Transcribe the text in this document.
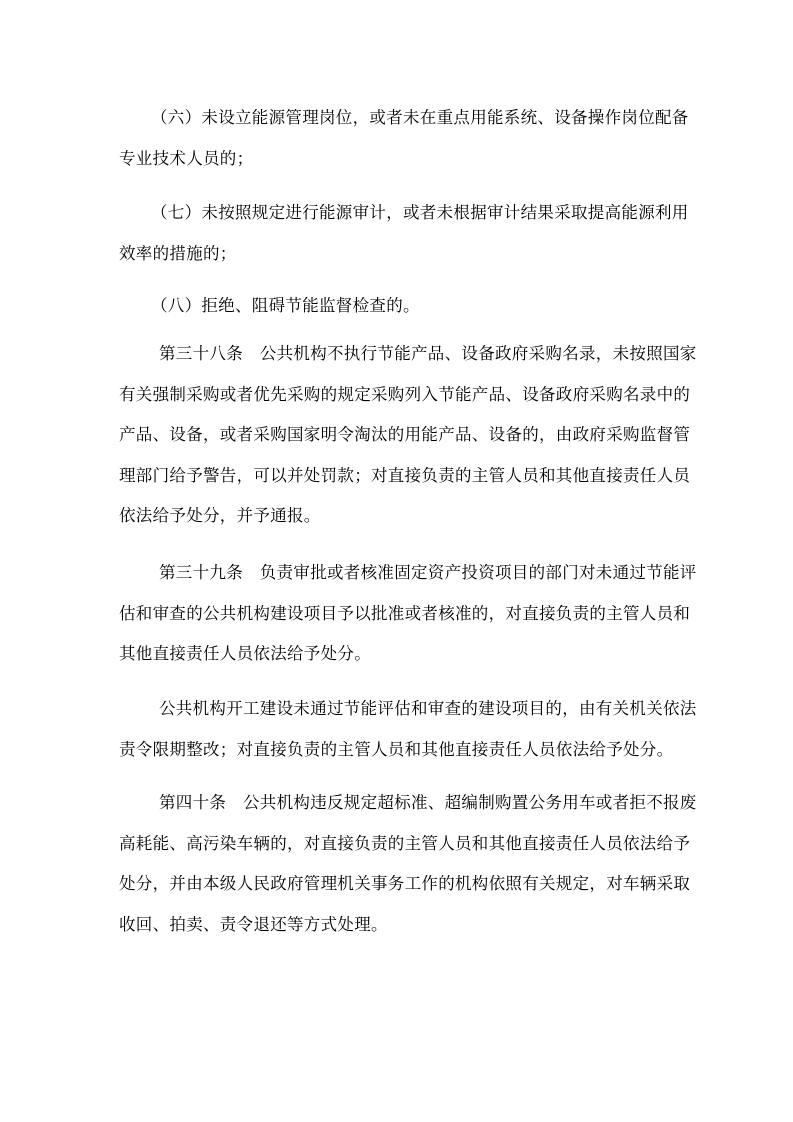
（六）未设立能源管理岗位，或者未在重点用能系统、设备操作岗位配备
专业技术人员的；

（七）未按照规定进行能源审计，或者未根据审计结果采取提高能源利用
效率的措施的；

（八）拒绝、阻碍节能监督检查的。

第三十八条　公共机构不执行节能产品、设备政府采购名录，未按照国家
有关强制采购或者优先采购的规定采购列入节能产品、设备政府采购名录中的
产品、设备，或者采购国家明令淘汰的用能产品、设备的，由政府采购监督管
理部门给予警告，可以并处罚款；对直接负责的主管人员和其他直接责任人员
依法给予处分，并予通报。

第三十九条　负责审批或者核准固定资产投资项目的部门对未通过节能评
估和审查的公共机构建设项目予以批准或者核准的，对直接负责的主管人员和
其他直接责任人员依法给予处分。

公共机构开工建设未通过节能评估和审查的建设项目的，由有关机关依法
责令限期整改；对直接负责的主管人员和其他直接责任人员依法给予处分。

第四十条　公共机构违反规定超标准、超编制购置公务用车或者拒不报废
高耗能、高污染车辆的，对直接负责的主管人员和其他直接责任人员依法给予
处分，并由本级人民政府管理机关事务工作的机构依照有关规定，对车辆采取
收回、拍卖、责令退还等方式处理。
